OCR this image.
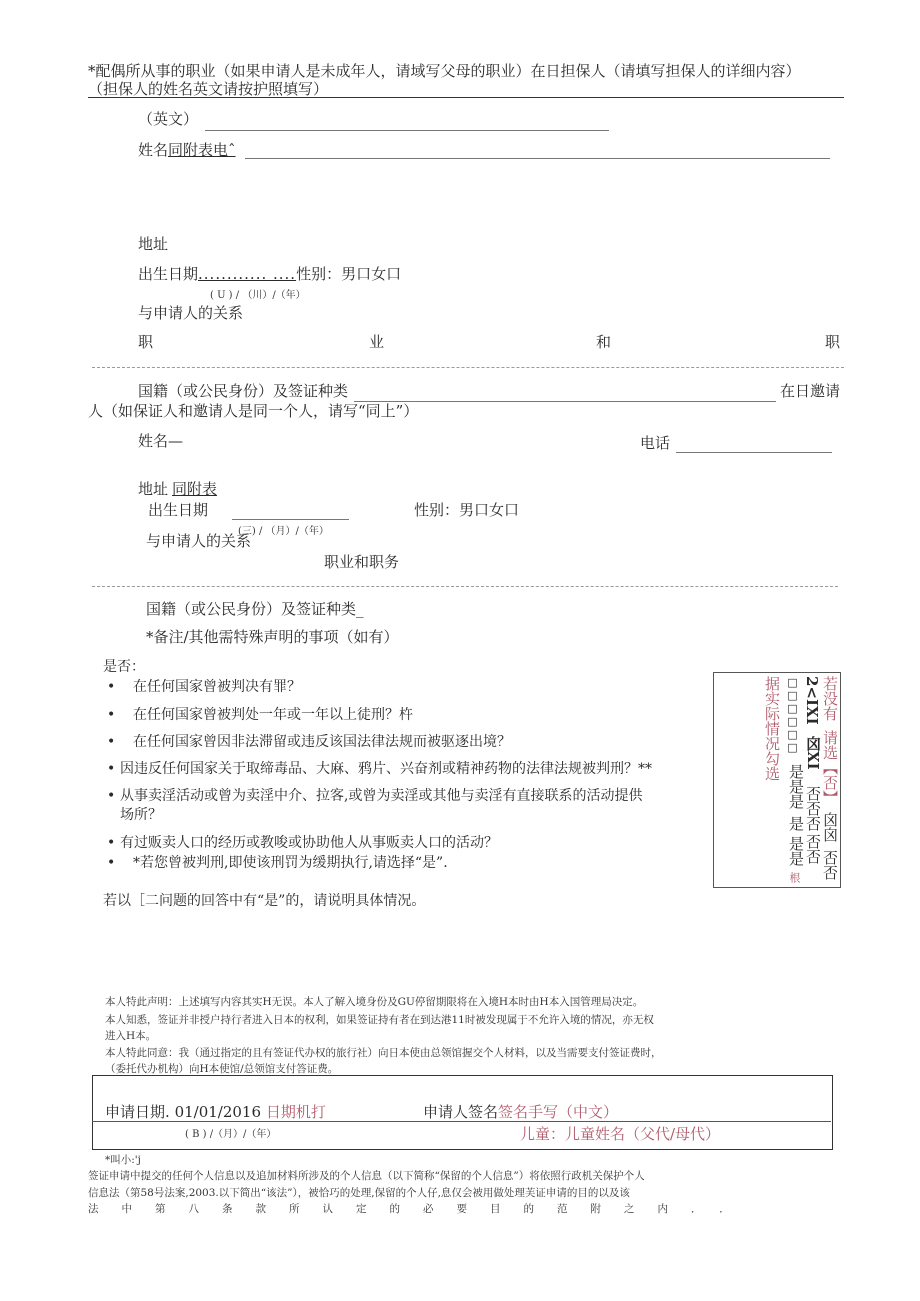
*配偶所从事的职业（如果申请人是未成年人，请域写父母的职业）在日担保人（请填写担保人的详细内容）
（担保人的姓名英文请按护照填写）
（英文）
姓名同附表电ˆ
地址
出生日期............ ....性别：男口女口
( U ) / （川）/（年）
与申请人的关系
职	业	和	职
国籍（或公民身份）及签证种类	在日邀请
人（如保证人和邀请人是同一个人，请写“同上”）
姓名—	电话
地址 同附表
出生日期	性别：男口女口
与申请人的关系
(三) / （月）/（年）
职业和职务
国籍（或公民身份）及签证种类_
*备注/其他需特殊声明的事项（如有）
是否：
• 在任何国家曾被判决有罪？
• 在任何国家曾被判处一年或一年以上徒刑？杵
• 在任何国家曾因非法滞留或违反该国法律法规而被驱逐出境？
• 因违反任何国家关于取缔毒品、大麻、鸦片、兴奋剂或精神药物的法律法规被判刑？**
• 从事卖淫活动或曾为卖淫中介、拉客,或曾为卖淫或其他与卖淫有直接联系的活动提供
场所？
• 有过贩卖人口的经历或教唆或协助他人从事贩卖人口的活动？
• *若您曾被判刑,即使该刑罚为缓期执行,请选择“是”.
若以［二问题的回答中有“是”的，请说明具体情况。
若没有
请选【否】
2<IXI
囟XI
否否否 囟囟
否否
否否
□□□□□□
是是是
是
是是
据实际情况勾选
根
本人特此声明：上述填写内容其实H无误。本人了解入境身份及GU停留期限将在入境H本时由H本入国管理局决定。
本人知悉，签证并非授户持行者进入日本的权利，如果签证持有者在到达港11时被发现属于不允许入境的情况，亦无权
进入H本。
本人特此同意：我（通过指定的且有签证代办权的旅行社）向日本使由总领馆握交个人材料，以及当需要支付签证费时，
（委托代办机构）向H本使馆/总领馆支付答证费。
申请日期. 01/01/2016 日期机打	申请人签名签名手写（中文）
( B ) /（月）/（年）	儿童：儿童姓名（父代/母代）
*叫小:'j
签证申请中提交的任何个人信息以及追加材料所涉及的个人信息（以下简称“保留的个人信息”）将依照行政机关保护个人
信息法（第58号法案,2003.以下简出“该法”），被恰巧的处理,保留的个人仔,息仅会被用做处理芙证申请的目的以及该
法中第八条款所认定的必要目的范附之内．．
